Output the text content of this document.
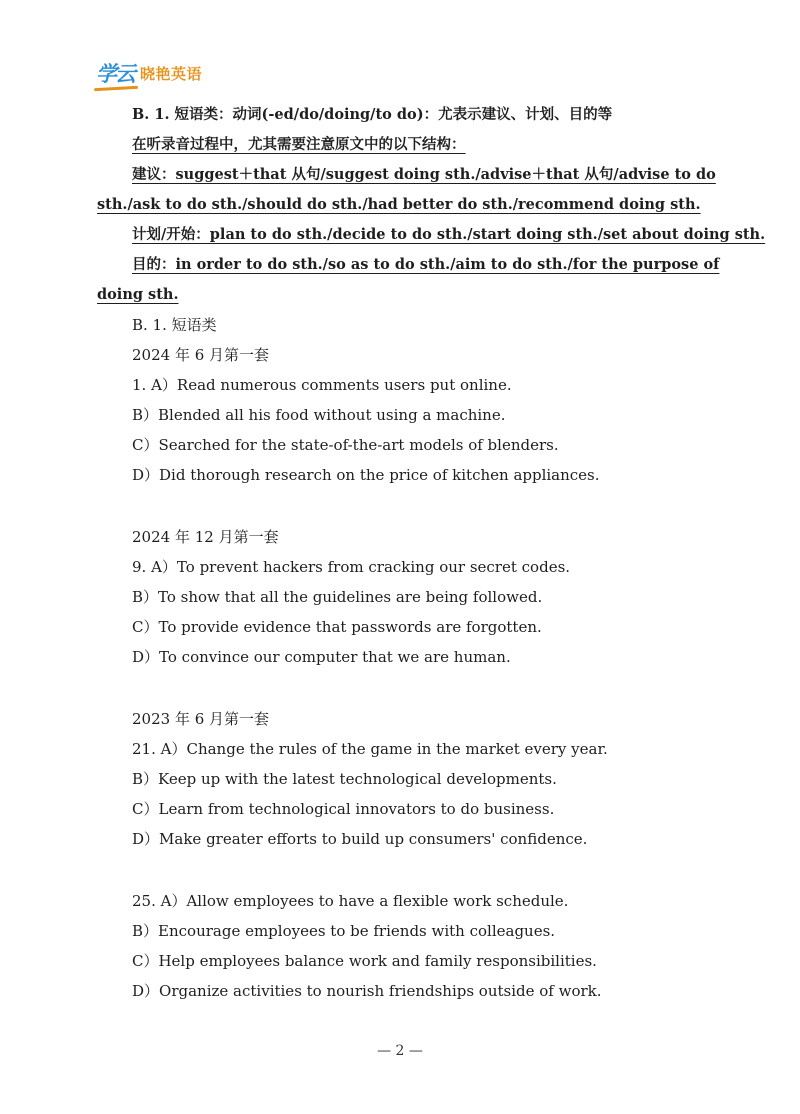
学云 晓艳英语
B. 1. 短语类：动词(-ed/do/doing/to do)：尤表示建议、计划、目的等
在听录音过程中，尤其需要注意原文中的以下结构：
建议：suggest＋that 从句/suggest doing sth./advise＋that 从句/advise to do
sth./ask to do sth./should do sth./had better do sth./recommend doing sth.
计划/开始：plan to do sth./decide to do sth./start doing sth./set about doing sth.
目的：in order to do sth./so as to do sth./aim to do sth./for the purpose of
doing sth.
B. 1. 短语类
2024 年 6 月第一套
1. A）Read numerous comments users put online.
B）Blended all his food without using a machine.
C）Searched for the state-of-the-art models of blenders.
D）Did thorough research on the price of kitchen appliances.
2024 年 12 月第一套
9. A）To prevent hackers from cracking our secret codes.
B）To show that all the guidelines are being followed.
C）To provide evidence that passwords are forgotten.
D）To convince our computer that we are human.
2023 年 6 月第一套
21. A）Change the rules of the game in the market every year.
B）Keep up with the latest technological developments.
C）Learn from technological innovators to do business.
D）Make greater efforts to build up consumers' confidence.
25. A）Allow employees to have a flexible work schedule.
B）Encourage employees to be friends with colleagues.
C）Help employees balance work and family responsibilities.
D）Organize activities to nourish friendships outside of work.
— 2 —
